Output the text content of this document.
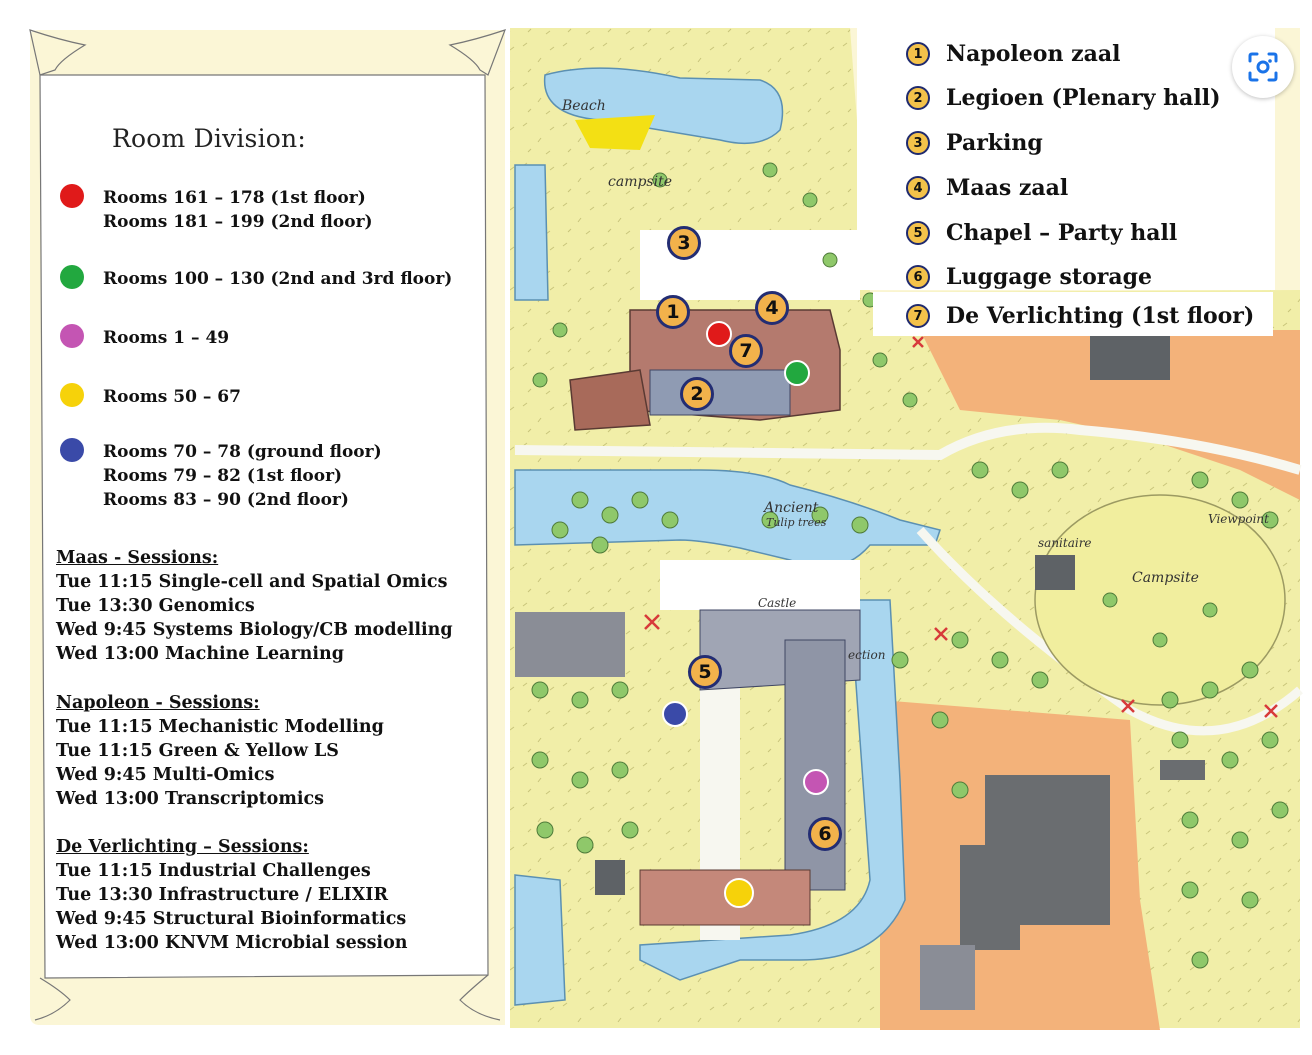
Beach
campsite
Ancient
Tulip trees
Castle
sanitaire
Campsite
Viewpoint
ection
Room Division:
Rooms 161 – 178 (1st floor)
Rooms 181 – 199 (2nd floor)
Rooms 100 – 130 (2nd and 3rd floor)
Rooms 1 – 49
Rooms 50 – 67
Rooms 70 – 78 (ground floor)
Rooms 79 – 82 (1st floor)
Rooms 83 – 90 (2nd floor)
Maas - Sessions:
Tue 11:15 Single-cell and Spatial Omics
Tue 13:30 Genomics
Wed 9:45 Systems Biology/CB modelling
Wed 13:00 Machine Learning
Napoleon - Sessions:
Tue 11:15 Mechanistic Modelling
Tue 11:15 Green & Yellow LS
Wed 9:45 Multi-Omics
Wed 13:00 Transcriptomics
De Verlichting – Sessions:
Tue 11:15 Industrial Challenges
Tue 13:30 Infrastructure / ELIXIR
Wed 9:45 Structural Bioinformatics
Wed 13:00 KNVM Microbial session
1	Napoleon zaal
2	Legioen (Plenary hall)
3	Parking
4	Maas zaal
5	Chapel – Party hall
6	Luggage storage
7	De Verlichting (1st floor)
3
1	4
7
2
5
6
